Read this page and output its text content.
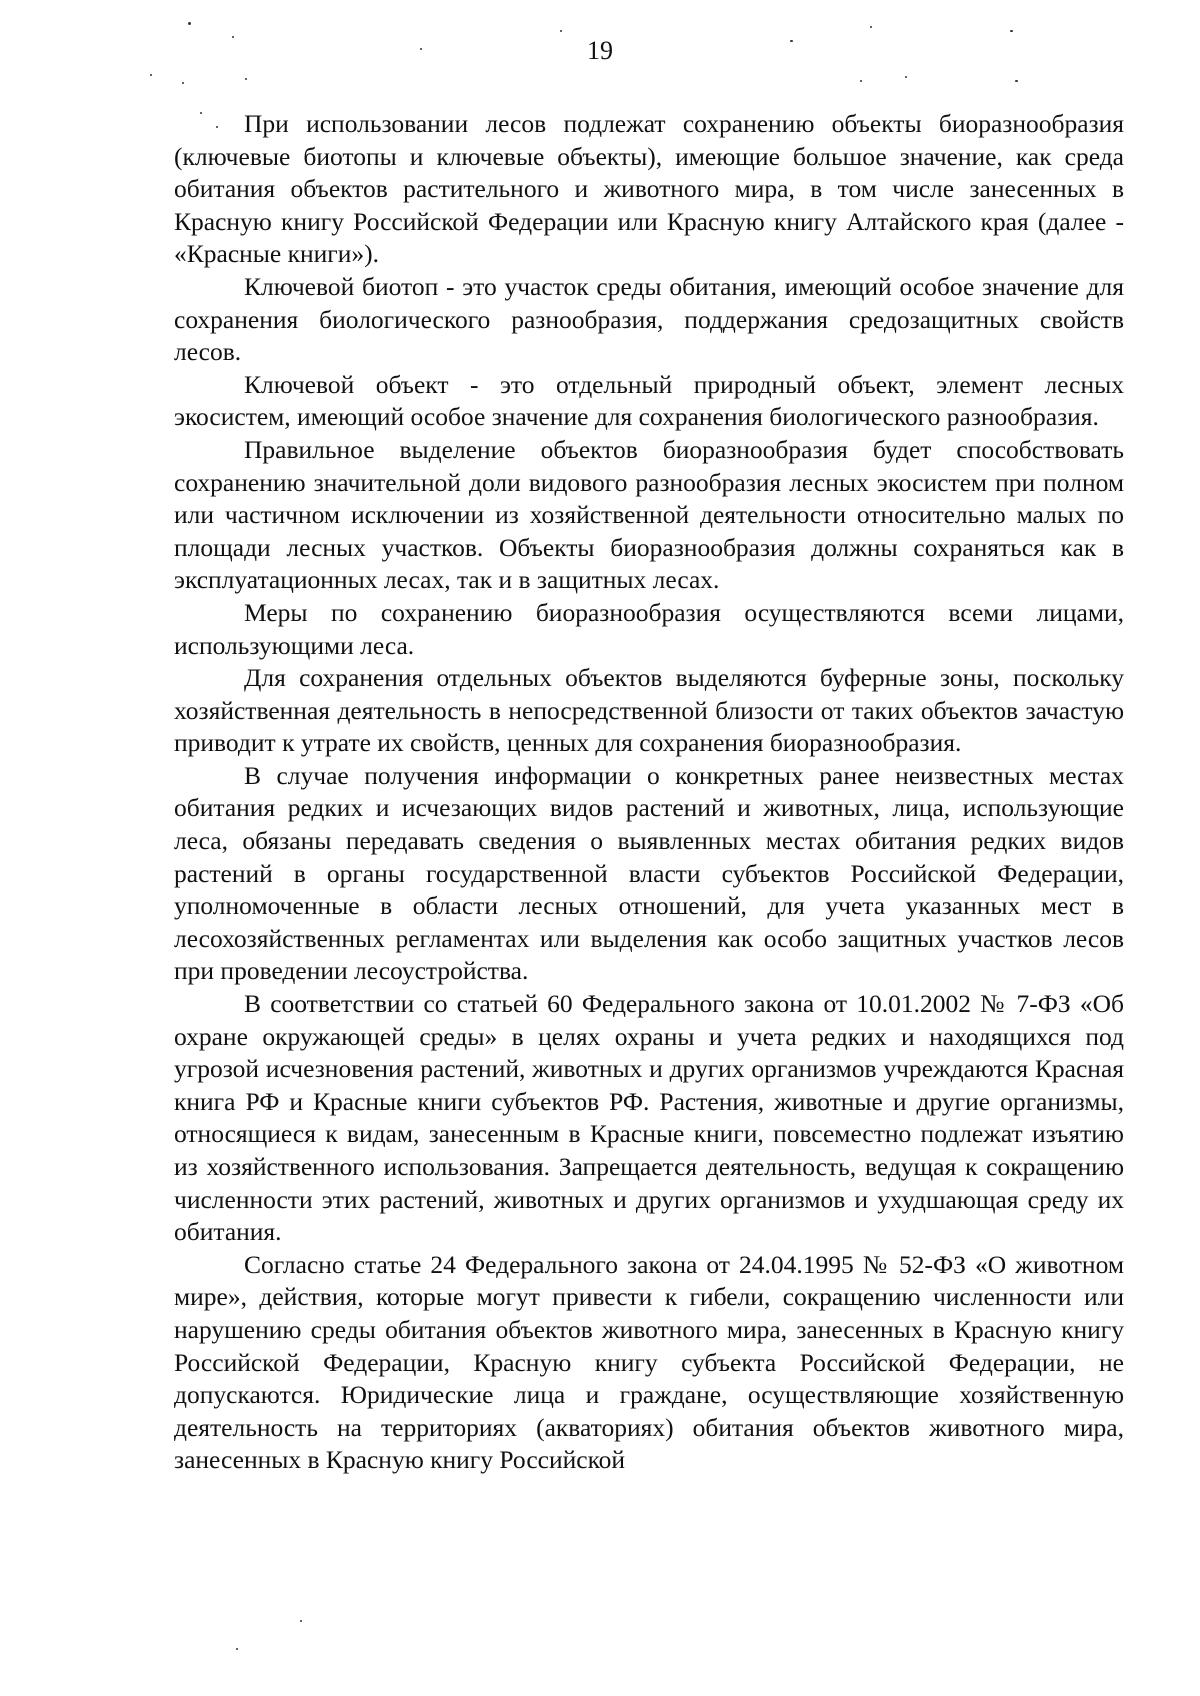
19

При использовании лесов подлежат сохранению объекты биоразнообразия (ключевые биотопы и ключевые объекты), имеющие большое значение, как среда обитания объектов растительного и животного мира, в том числе занесенных в Красную книгу Российской Федерации или Красную книгу Алтайского края (далее - «Красные книги»).

Ключевой биотоп - это участок среды обитания, имеющий особое значение для сохранения биологического разнообразия, поддержания средозащитных свойств лесов.

Ключевой объект - это отдельный природный объект, элемент лесных экосистем, имеющий особое значение для сохранения биологического разнообразия.

Правильное выделение объектов биоразнообразия будет способствовать сохранению значительной доли видового разнообразия лесных экосистем при полном или частичном исключении из хозяйственной деятельности относительно малых по площади лесных участков. Объекты биоразнообразия должны сохраняться как в эксплуатационных лесах, так и в защитных лесах.

Меры по сохранению биоразнообразия осуществляются всеми лицами, использующими леса.

Для сохранения отдельных объектов выделяются буферные зоны, поскольку хозяйственная деятельность в непосредственной близости от таких объектов зачастую приводит к утрате их свойств, ценных для сохранения биоразнообразия.

В случае получения информации о конкретных ранее неизвестных местах обитания редких и исчезающих видов растений и животных, лица, использующие леса, обязаны передавать сведения о выявленных местах обитания редких видов растений в органы государственной власти субъектов Российской Федерации, уполномоченные в области лесных отношений, для учета указанных мест в лесохозяйственных регламентах или выделения как особо защитных участков лесов при проведении лесоустройства.

В соответствии со статьей 60 Федерального закона от 10.01.2002 № 7-ФЗ «Об охране окружающей среды» в целях охраны и учета редких и находящихся под угрозой исчезновения растений, животных и других организмов учреждаются Красная книга РФ и Красные книги субъектов РФ. Растения, животные и другие организмы, относящиеся к видам, занесенным в Красные книги, повсеместно подлежат изъятию из хозяйственного использования. Запрещается деятельность, ведущая к сокращению численности этих растений, животных и других организмов и ухудшающая среду их обитания.

Согласно статье 24 Федерального закона от 24.04.1995 № 52-ФЗ «О животном мире», действия, которые могут привести к гибели, сокращению численности или нарушению среды обитания объектов животного мира, занесенных в Красную книгу Российской Федерации, Красную книгу субъекта Российской Федерации, не допускаются. Юридические лица и граждане, осуществляющие хозяйственную деятельность на территориях (акваториях) обитания объектов животного мира, занесенных в Красную книгу Российской
